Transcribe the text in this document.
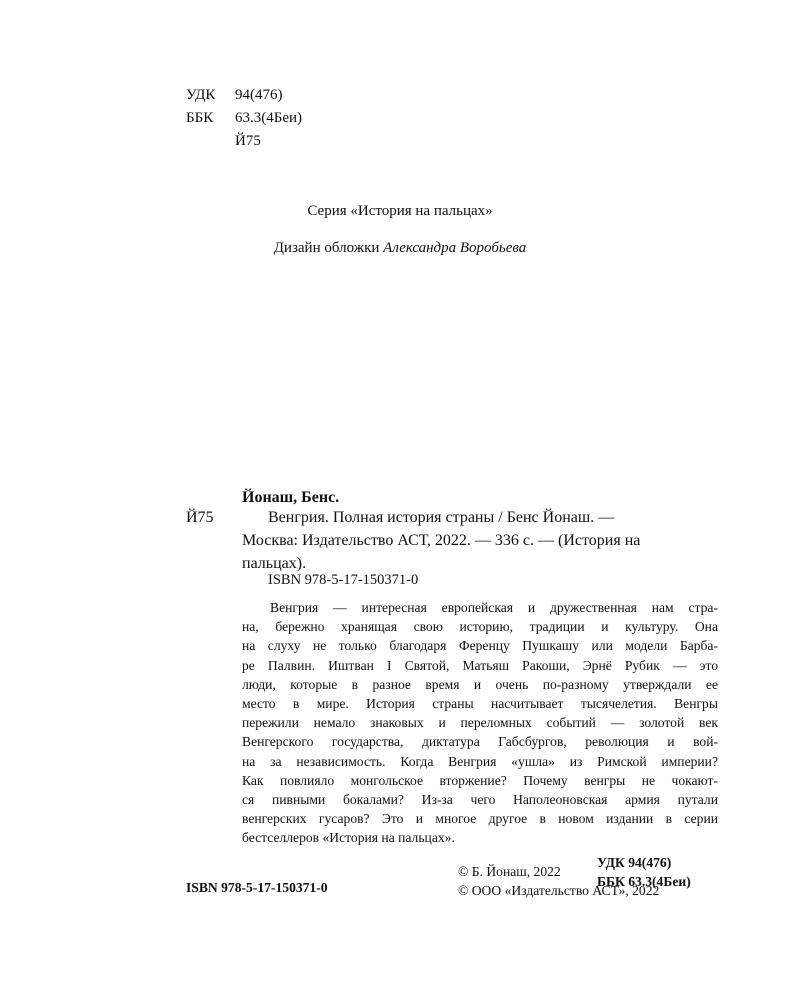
УДК 94(476)
ББК 63.3(4Беи)
Й75
Серия «История на пальцах»
Дизайн обложки Александра Воробьева
Йонаш, Бенс.
Й75	Венгрия. Полная история страны / Бенс Йонаш. —
Москва: Издательство АСТ, 2022. — 336 с. — (История на
пальцах).
ISBN 978-5-17-150371-0
Венгрия — интересная европейская и дружественная нам стра-
на, бережно хранящая свою историю, традиции и культуру. Она
на слуху не только благодаря Ференцу Пушкашу или модели Барба-
ре Палвин. Иштван I Святой, Матьяш Ракоши, Эрнё Рубик — это
люди, которые в разное время и очень по-разному утверждали ее
место в мире. История страны насчитывает тысячелетия. Венгры
пережили немало знаковых и переломных событий — золотой век
Венгерского государства, диктатура Габсбургов, революция и вой-
на за независимость. Когда Венгрия «ушла» из Римской империи?
Как повлияло монгольское вторжение? Почему венгры не чокают-
ся пивными бокалами? Из-за чего Наполеоновская армия путали
венгерских гусаров? Это и многое другое в новом издании в серии
бестселлеров «История на пальцах».
УДК 94(476)
ББК 63.3(4Беи)
ISBN 978-5-17-150371-0
© Б. Йонаш, 2022
© ООО «Издательство АСТ», 2022
